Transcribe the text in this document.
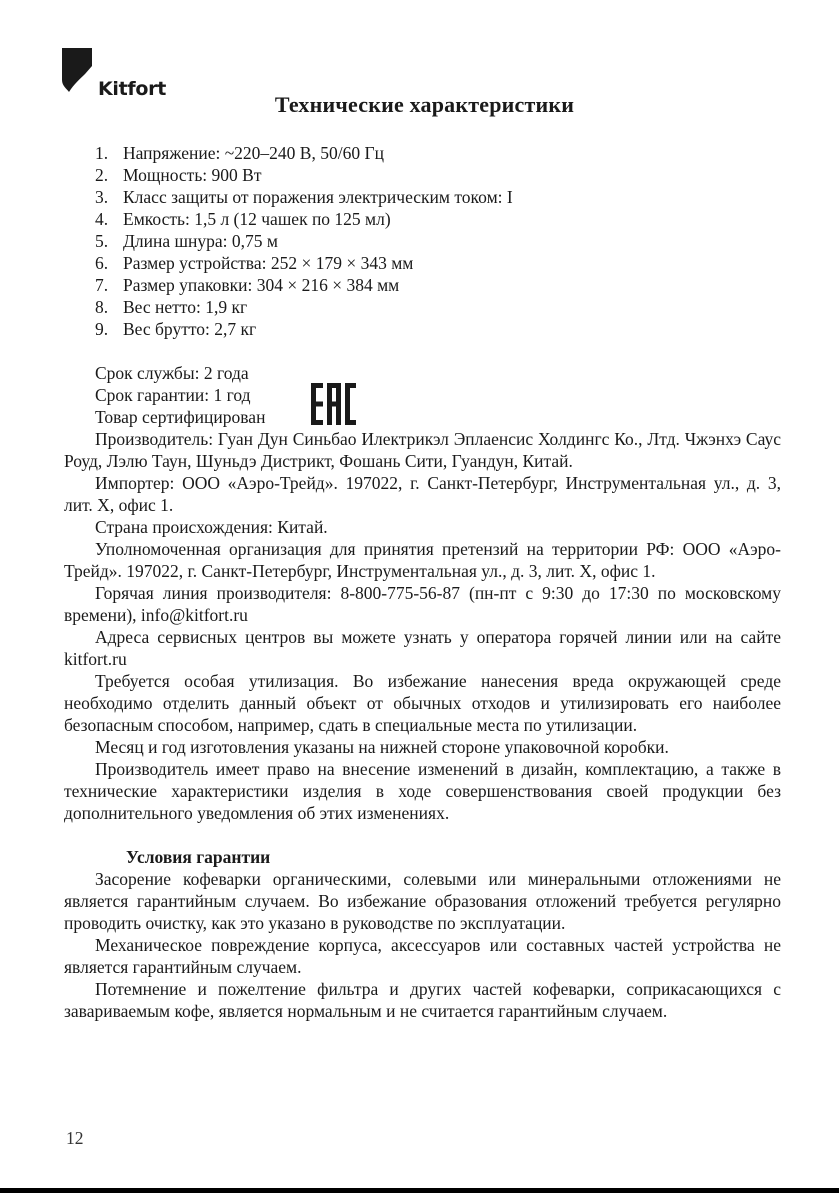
Kitfort
Технические характеристики
1. Напряжение: ~220–240 В, 50/60 Гц
2. Мощность: 900 Вт
3. Класс защиты от поражения электрическим током: I
4. Емкость: 1,5 л (12 чашек по 125 мл)
5. Длина шнура: 0,75 м
6. Размер устройства: 252 × 179 × 343 мм
7. Размер упаковки: 304 × 216 × 384 мм
8. Вес нетто: 1,9 кг
9. Вес брутто: 2,7 кг
Срок службы: 2 года
Срок гарантии: 1 год
Товар сертифицирован

Производитель: Гуан Дун Синьбао Илектрикэл Эплаенсис Холдингс Ко., Лтд. Чжэнхэ Саус Роуд, Лэлю Таун, Шуньдэ Дистрикт, Фошань Сити, Гуандун, Китай.

Импортер: ООО «Аэро-Трейд». 197022, г. Санкт-Петербург, Инструментальная ул., д. 3, лит. Х, офис 1.

Страна происхождения: Китай.

Уполномоченная организация для принятия претензий на территории РФ: ООО «Аэро-Трейд». 197022, г. Санкт-Петербург, Инструментальная ул., д. 3, лит. Х, офис 1.

Горячая линия производителя: 8-800-775-56-87 (пн-пт с 9:30 до 17:30 по московскому времени), info@kitfort.ru

Адреса сервисных центров вы можете узнать у оператора горячей линии или на сайте kitfort.ru

Требуется особая утилизация. Во избежание нанесения вреда окружающей среде необходимо отделить данный объект от обычных отходов и утилизировать его наиболее безопасным способом, например, сдать в специальные места по утилизации.

Месяц и год изготовления указаны на нижней стороне упаковочной коробки.

Производитель имеет право на внесение изменений в дизайн, комплектацию, а также в технические характеристики изделия в ходе совершенствования своей продукции без дополнительного уведомления об этих изменениях.

Условия гарантии

Засорение кофеварки органическими, солевыми или минеральными отложениями не является гарантийным случаем. Во избежание образования отложений требуется регулярно проводить очистку, как это указано в руководстве по эксплуатации.

Механическое повреждение корпуса, аксессуаров или составных частей устройства не является гарантийным случаем.

Потемнение и пожелтение фильтра и других частей кофеварки, соприкасающихся с завариваемым кофе, является нормальным и не считается гарантийным случаем.

12
